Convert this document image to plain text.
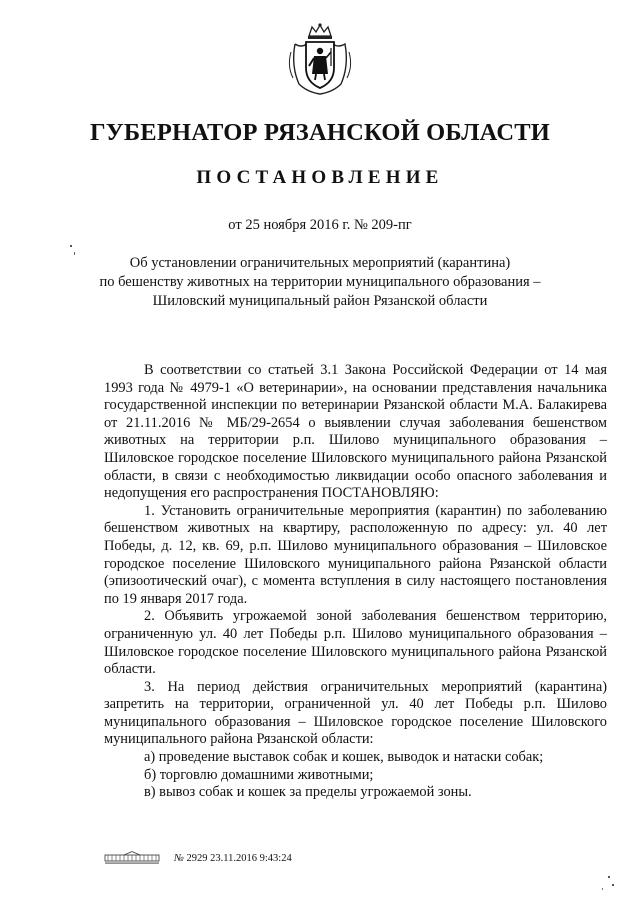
ГУБЕРНАТОР РЯЗАНСКОЙ ОБЛАСТИ
ПОСТАНОВЛЕНИЕ
от 25 ноября 2016 г. № 209-пг
Об установлении ограничительных мероприятий (карантина)
по бешенству животных на территории муниципального образования –
Шиловский муниципальный район Рязанской области

В соответствии со статьей 3.1 Закона Российской Федерации от 14 мая 1993 года № 4979-1 «О ветеринарии», на основании представления начальника государственной инспекции по ветеринарии Рязанской области М.А. Балакирева от 21.11.2016 № МБ/29-2654 о выявлении случая заболевания бешенством животных на территории р.п. Шилово муниципального образования – Шиловское городское поселение Шиловского муниципального района Рязанской области, в связи с необходимостью ликвидации особо опасного заболевания и недопущения его распространения ПОСТАНОВЛЯЮ:

1. Установить ограничительные мероприятия (карантин) по заболеванию бешенством животных на квартиру, расположенную по адресу: ул. 40 лет Победы, д. 12, кв. 69, р.п. Шилово муниципального образования – Шиловское городское поселение Шиловского муниципального района Рязанской области (эпизоотический очаг), с момента вступления в силу настоящего постановления по 19 января 2017 года.

2. Объявить угрожаемой зоной заболевания бешенством территорию, ограниченную ул. 40 лет Победы р.п. Шилово муниципального образования – Шиловское городское поселение Шиловского муниципального района Рязанской области.

3. На период действия ограничительных мероприятий (карантина) запретить на территории, ограниченной ул. 40 лет Победы р.п. Шилово муниципального образования – Шиловское городское поселение Шиловского муниципального района Рязанской области:

а) проведение выставок собак и кошек, выводок и натаски собак;

б) торговлю домашними животными;

в) вывоз собак и кошек за пределы угрожаемой зоны.

№ 2929 23.11.2016 9:43:24
